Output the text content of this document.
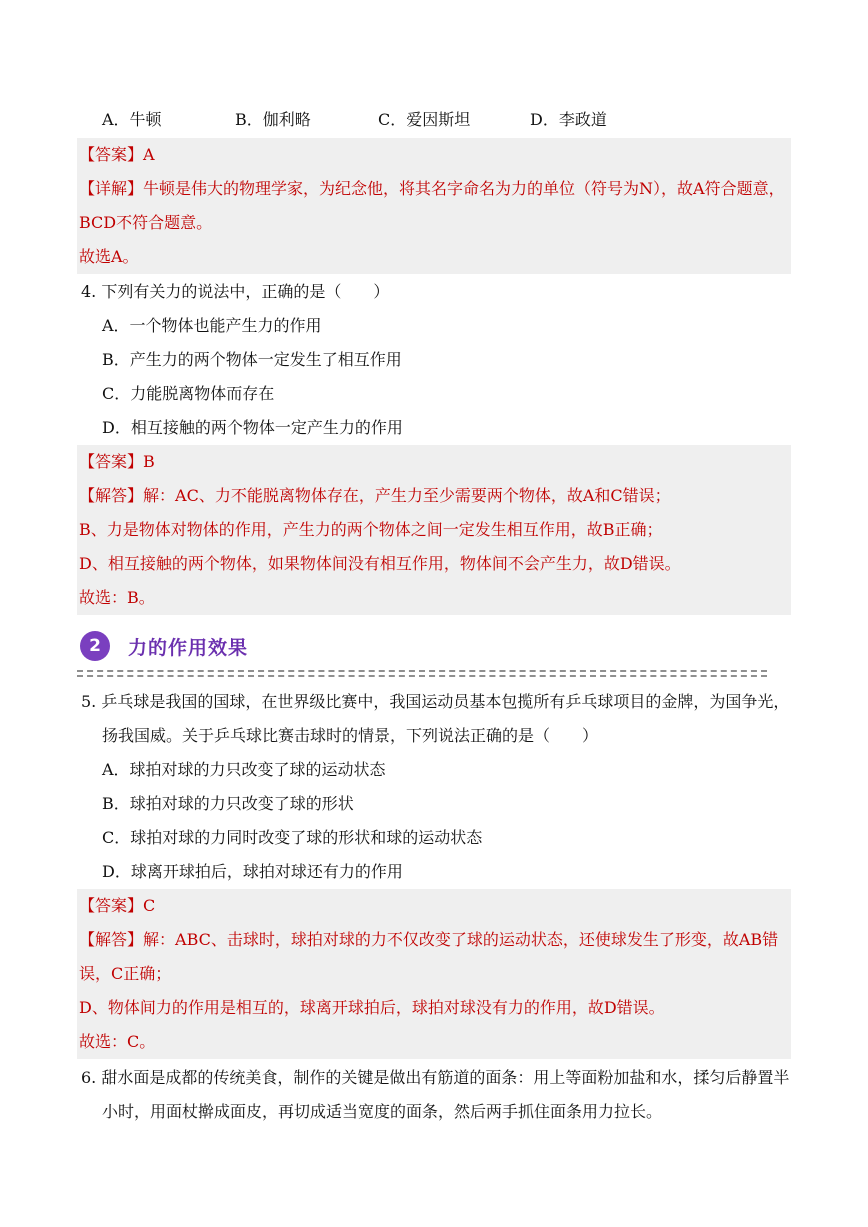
A．牛顿	B．伽利略	C．爱因斯坦	D．李政道
【答案】A
【详解】牛顿是伟大的物理学家，为纪念他，将其名字命名为力的单位（符号为N），故A符合题意，BCD不符合题意。
故选A。
4. 下列有关力的说法中，正确的是（　　）
A．一个物体也能产生力的作用
B．产生力的两个物体一定发生了相互作用
C．力能脱离物体而存在
D．相互接触的两个物体一定产生力的作用
【答案】B
【解答】解：AC、力不能脱离物体存在，产生力至少需要两个物体，故A和C错误；
B、力是物体对物体的作用，产生力的两个物体之间一定发生相互作用，故B正确；
D、相互接触的两个物体，如果物体间没有相互作用，物体间不会产生力，故D错误。
故选：B。
2	力的作用效果
5. 乒乓球是我国的国球，在世界级比赛中，我国运动员基本包揽所有乒乓球项目的金牌，为国争光，扬我国威。关于乒乓球比赛击球时的情景，下列说法正确的是（　　）
A．球拍对球的力只改变了球的运动状态
B．球拍对球的力只改变了球的形状
C．球拍对球的力同时改变了球的形状和球的运动状态
D．球离开球拍后，球拍对球还有力的作用
【答案】C
【解答】解：ABC、击球时，球拍对球的力不仅改变了球的运动状态，还使球发生了形变，故AB错误，C正确；
D、物体间力的作用是相互的，球离开球拍后，球拍对球没有力的作用，故D错误。
故选：C。
6. 甜水面是成都的传统美食，制作的关键是做出有筋道的面条：用上等面粉加盐和水，揉匀后静置半小时，用面杖擀成面皮，再切成适当宽度的面条，然后两手抓住面条用力拉长。
